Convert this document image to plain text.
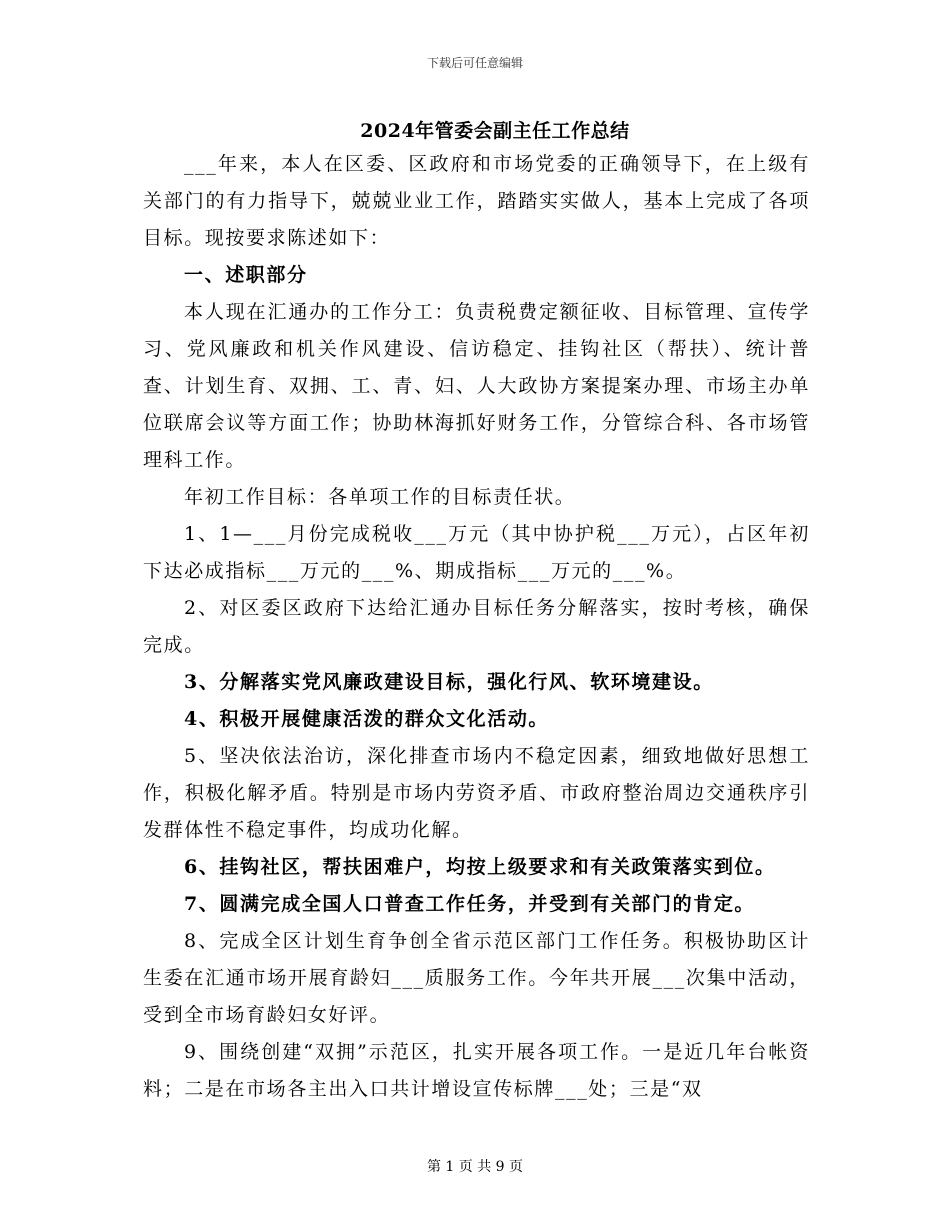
下载后可任意编辑
2024年管委会副主任工作总结

___年来，本人在区委、区政府和市场党委的正确领导下，在上级有关部门的有力指导下，兢兢业业工作，踏踏实实做人，基本上完成了各项目标。现按要求陈述如下：

一、述职部分

本人现在汇通办的工作分工：负责税费定额征收、目标管理、宣传学习、党风廉政和机关作风建设、信访稳定、挂钩社区（帮扶）、统计普查、计划生育、双拥、工、青、妇、人大政协方案提案办理、市场主办单位联席会议等方面工作；协助林海抓好财务工作，分管综合科、各市场管理科工作。

年初工作目标：各单项工作的目标责任状。

1、1—___月份完成税收___万元（其中协护税___万元），占区年初下达必成指标___万元的___%、期成指标___万元的___%。

2、对区委区政府下达给汇通办目标任务分解落实，按时考核，确保完成。

3、分解落实党风廉政建设目标，强化行风、软环境建设。

4、积极开展健康活泼的群众文化活动。

5、坚决依法治访，深化排查市场内不稳定因素，细致地做好思想工作，积极化解矛盾。特别是市场内劳资矛盾、市政府整治周边交通秩序引发群体性不稳定事件，均成功化解。

6、挂钩社区，帮扶困难户，均按上级要求和有关政策落实到位。

7、圆满完成全国人口普查工作任务，并受到有关部门的肯定。

8、完成全区计划生育争创全省示范区部门工作任务。积极协助区计生委在汇通市场开展育龄妇___质服务工作。今年共开展___次集中活动，受到全市场育龄妇女好评。

9、围绕创建“双拥”示范区，扎实开展各项工作。一是近几年台帐资料；二是在市场各主出入口共计增设宣传标牌___处；三是“双

第 1 页 共 9 页
